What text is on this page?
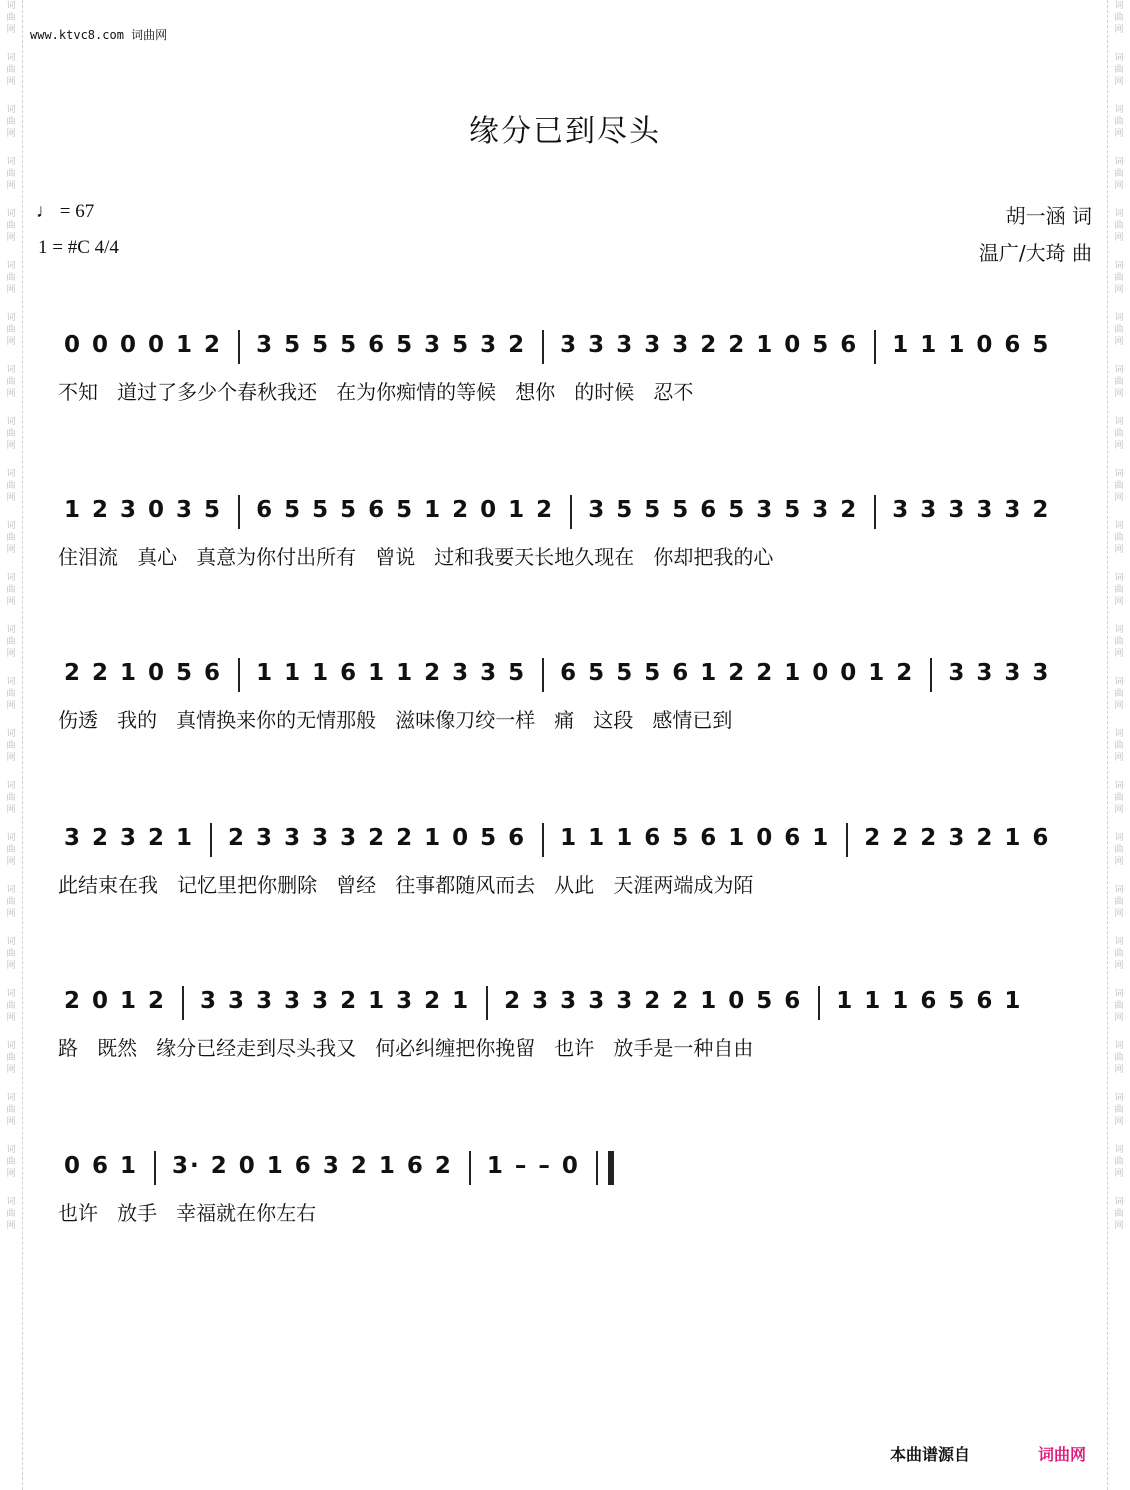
词曲网
词曲网
词曲网
词曲网
词曲网
词曲网
词曲网
词曲网
词曲网
词曲网
词曲网
词曲网
词曲网
词曲网
词曲网
词曲网
词曲网
词曲网
词曲网
词曲网
词曲网
词曲网
词曲网
词曲网
词曲网
词曲网
词曲网
词曲网
词曲网
词曲网
词曲网
词曲网
词曲网
词曲网
词曲网
词曲网
词曲网
词曲网
词曲网
词曲网
词曲网
词曲网
词曲网
词曲网
词曲网
词曲网
词曲网
词曲网
www.ktvc8.com 词曲网
缘分已到尽头
♩ = 67
1 = #C 4/4
胡一涵 词
温广/大琦 曲
0 0 0 0 1 2 3 5 5 5 6 5 3 5 3 2 3 3 3 3 3 2 2 1 0 5 6 1 1 1 0 6 5
不知   道过了多少个春秋我还   在为你痴情的等候   想你   的时候   忍不
1 2 3 0 3 5 6 5 5 5 6 5 1 2 0 1 2 3 5 5 5 6 5 3 5 3 2 3 3 3 3 3 2
住泪流   真心   真意为你付出所有   曾说   过和我要天长地久现在   你却把我的心
2 2 1 0 5 6 1 1 1 6 1 1 2 3 3 5 6 5 5 5 6 1 2 2 1 0 0 1 2 3 3 3 3
伤透   我的   真情换来你的无情那般   滋味像刀绞一样   痛   这段   感情已到
3 2 3 2 1 2 3 3 3 3 2 2 1 0 5 6 1 1 1 6 5 6 1 0 6 1 2 2 2 3 2 1 6
此结束在我   记忆里把你删除   曾经   往事都随风而去   从此   天涯两端成为陌
2 0 1 2 3 3 3 3 3 2 1 3 2 1 2 3 3 3 3 2 2 1 0 5 6 1 1 1 6 5 6 1
路   既然   缘分已经走到尽头我又   何必纠缠把你挽留   也许   放手是一种自由
0 6 1 3· 2 0 1 6 3 2 1 6 2 1 – – 0
也许   放手   幸福就在你左右
本曲谱源自	词曲网
